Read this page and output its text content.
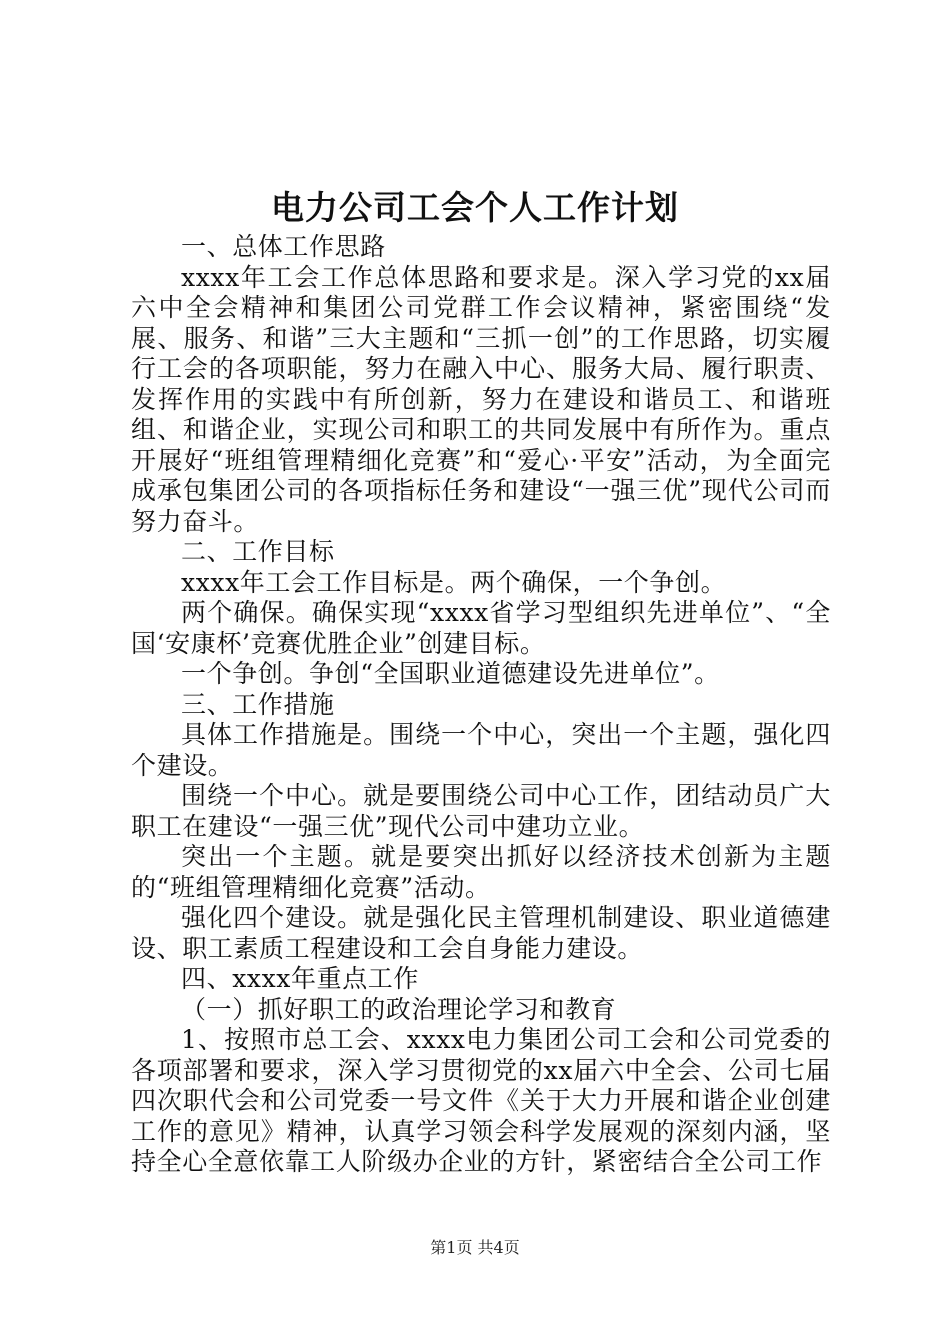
电力公司工会个人工作计划

一、总体工作思路

xxxx年工会工作总体思路和要求是。深入学习党的xx届六中全会精神和集团公司党群工作会议精神，紧密围绕“发展、服务、和谐”三大主题和“三抓一创”的工作思路，切实履行工会的各项职能，努力在融入中心、服务大局、履行职责、发挥作用的实践中有所创新，努力在建设和谐员工、和谐班组、和谐企业，实现公司和职工的共同发展中有所作为。重点开展好“班组管理精细化竞赛”和“爱心·平安”活动，为全面完成承包集团公司的各项指标任务和建设“一强三优”现代公司而努力奋斗。

二、工作目标

xxxx年工会工作目标是。两个确保，一个争创。

两个确保。确保实现“xxxx省学习型组织先进单位”、“全国‘安康杯’竞赛优胜企业”创建目标。

一个争创。争创“全国职业道德建设先进单位”。

三、工作措施

具体工作措施是。围绕一个中心，突出一个主题，强化四个建设。

围绕一个中心。就是要围绕公司中心工作，团结动员广大职工在建设“一强三优”现代公司中建功立业。

突出一个主题。就是要突出抓好以经济技术创新为主题的“班组管理精细化竞赛”活动。

强化四个建设。就是强化民主管理机制建设、职业道德建设、职工素质工程建设和工会自身能力建设。

四、xxxx年重点工作

（一）抓好职工的政治理论学习和教育

1、按照市总工会、xxxx电力集团公司工会和公司党委的各项部署和要求，深入学习贯彻党的xx届六中全会、公司七届四次职代会和公司党委一号文件《关于大力开展和谐企业创建工作的意见》精神，认真学习领会科学发展观的深刻内涵，坚持全心全意依靠工人阶级办企业的方针，紧密结合全公司工作

第1页 共4页
